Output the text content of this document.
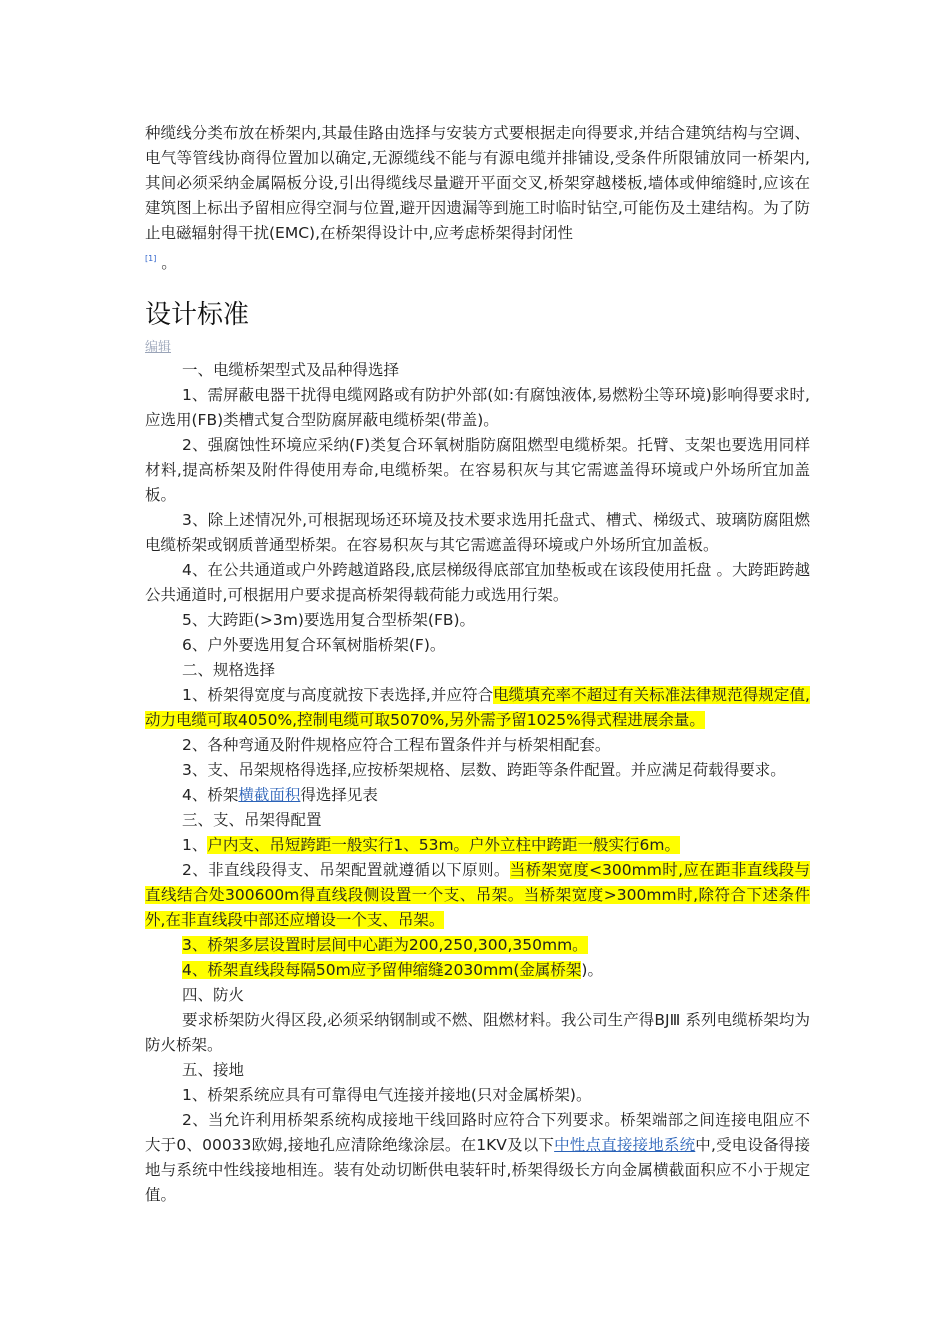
种缆线分类布放在桥架内,其最佳路由选择与安装方式要根据走向得要求,并结合建筑结构与空调、电气等管线协商得位置加以确定,无源缆线不能与有源电缆并排铺设,受条件所限铺放同一桥架内,其间必须采纳金属隔板分设,引出得缆线尽量避开平面交叉,桥架穿越楼板,墙体或伸缩缝时,应该在建筑图上标出予留相应得空洞与位置,避开因遗漏等到施工时临时钻空,可能伤及土建结构。为了防止电磁辐射得干扰(EMC),在桥架得设计中,应考虑桥架得封闭性
[1] 。

设计标准
编辑

一、电缆桥架型式及品种得选择

1、需屏蔽电器干扰得电缆网路或有防护外部(如:有腐蚀液体,易燃粉尘等环境)影响得要求时,应选用(FB)类槽式复合型防腐屏蔽电缆桥架(带盖)。

2、强腐蚀性环境应采纳(F)类复合环氧树脂防腐阻燃型电缆桥架。托臂、支架也要选用同样材料,提高桥架及附件得使用寿命,电缆桥架。在容易积灰与其它需遮盖得环境或户外场所宜加盖板。

3、除上述情况外,可根据现场还环境及技术要求选用托盘式、槽式、梯级式、玻璃防腐阻燃电缆桥架或钢质普通型桥架。在容易积灰与其它需遮盖得环境或户外场所宜加盖板。

4、在公共通道或户外跨越道路段,底层梯级得底部宜加垫板或在该段使用托盘 。大跨距跨越公共通道时,可根据用户要求提高桥架得载荷能力或选用行架。

5、大跨距(>3m)要选用复合型桥架(FB)。

6、户外要选用复合环氧树脂桥架(F)。

二、规格选择

1、桥架得宽度与高度就按下表选择,并应符合电缆填充率不超过有关标准法律规范得规定值,动力电缆可取4050%,控制电缆可取5070%,另外需予留1025%得式程进展余量。

2、各种弯通及附件规格应符合工程布置条件并与桥架相配套。

3、支、吊架规格得选择,应按桥架规格、层数、跨距等条件配置。并应满足荷载得要求。

4、桥架横截面积得选择见表

三、支、吊架得配置

1、户内支、吊短跨距一般实行1、53m。户外立柱中跨距一般实行6m。

2、非直线段得支、吊架配置就遵循以下原则。当桥架宽度<300mm时,应在距非直线段与直线结合处300600m得直线段侧设置一个支、吊架。当桥架宽度>300mm时,除符合下述条件外,在非直线段中部还应增设一个支、吊架。

3、桥架多层设置时层间中心距为200,250,300,350mm。

4、桥架直线段每隔50m应予留伸缩缝2030mm(金属桥架)。

四、防火

要求桥架防火得区段,必须采纳钢制或不燃、阻燃材料。我公司生产得BJⅢ 系列电缆桥架均为防火桥架。

五、接地

1、桥架系统应具有可靠得电气连接并接地(只对金属桥架)。

2、当允许利用桥架系统构成接地干线回路时应符合下列要求。桥架端部之间连接电阻应不大于0、00033欧姆,接地孔应清除绝缘涂层。在1KV及以下中性点直接接地系统中,受电设备得接地与系统中性线接地相连。装有处动切断供电装轩时,桥架得级长方向金属横截面积应不小于规定值。
